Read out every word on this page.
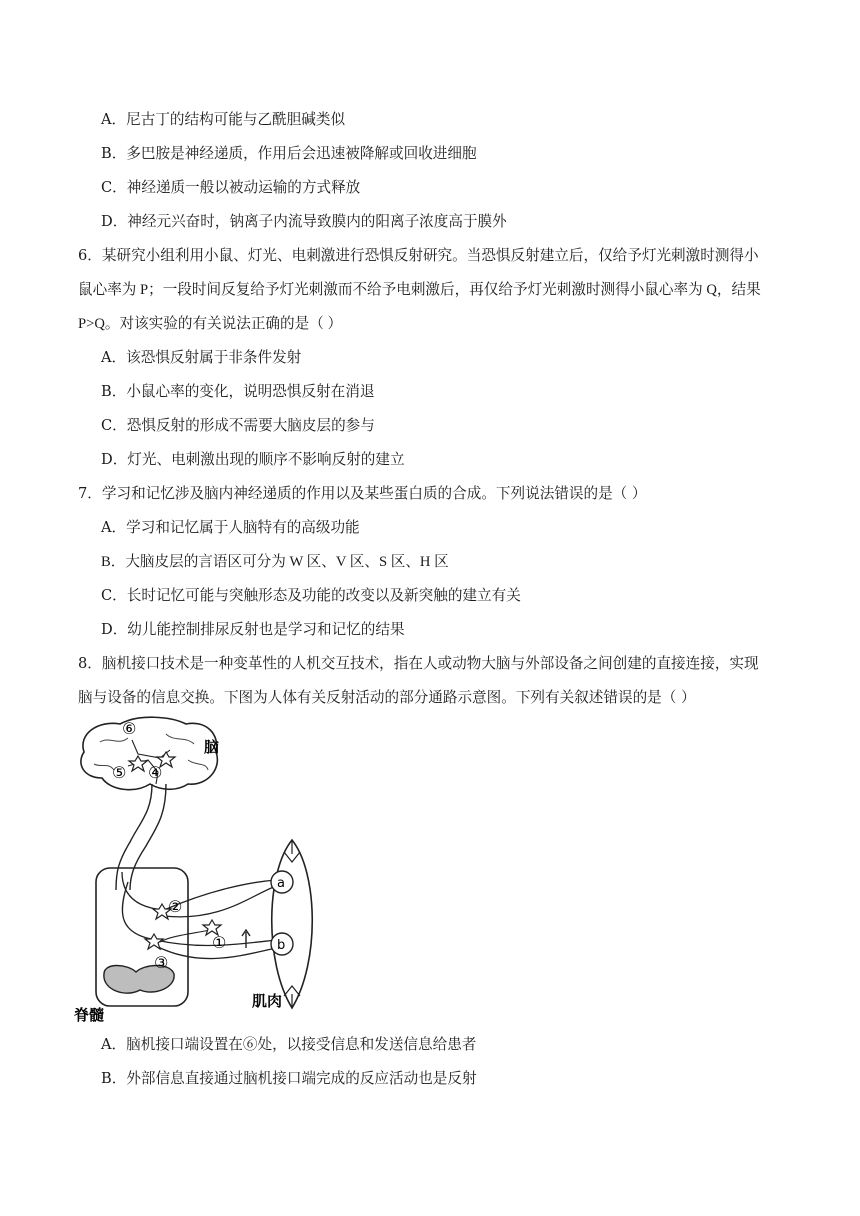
A．尼古丁的结构可能与乙酰胆碱类似
B．多巴胺是神经递质，作用后会迅速被降解或回收进细胞
C．神经递质一般以被动运输的方式释放
D．神经元兴奋时，钠离子内流导致膜内的阳离子浓度高于膜外
6．某研究小组利用小鼠、灯光、电刺激进行恐惧反射研究。当恐惧反射建立后，仅给予灯光刺激时测得小
鼠心率为 P；一段时间反复给予灯光刺激而不给予电刺激后，再仅给予灯光刺激时测得小鼠心率为 Q，结果
P>Q。对该实验的有关说法正确的是（ ）
A．该恐惧反射属于非条件发射
B．小鼠心率的变化，说明恐惧反射在消退
C．恐惧反射的形成不需要大脑皮层的参与
D．灯光、电刺激出现的顺序不影响反射的建立
7．学习和记忆涉及脑内神经递质的作用以及某些蛋白质的合成。下列说法错误的是（ ）
A．学习和记忆属于人脑特有的高级功能
B．大脑皮层的言语区可分为 W 区、V 区、S 区、H 区
C．长时记忆可能与突触形态及功能的改变以及新突触的建立有关
D．幼儿能控制排尿反射也是学习和记忆的结果
8．脑机接口技术是一种变革性的人机交互技术，指在人或动物大脑与外部设备之间创建的直接连接，实现
脑与设备的信息交换。下图为人体有关反射活动的部分通路示意图。下列有关叙述错误的是（ ）
⑥
⑤ ④
②
①
③
a
b
脑
肌肉
脊髓
A．脑机接口端设置在⑥处，以接受信息和发送信息给患者
B．外部信息直接通过脑机接口端完成的反应活动也是反射
